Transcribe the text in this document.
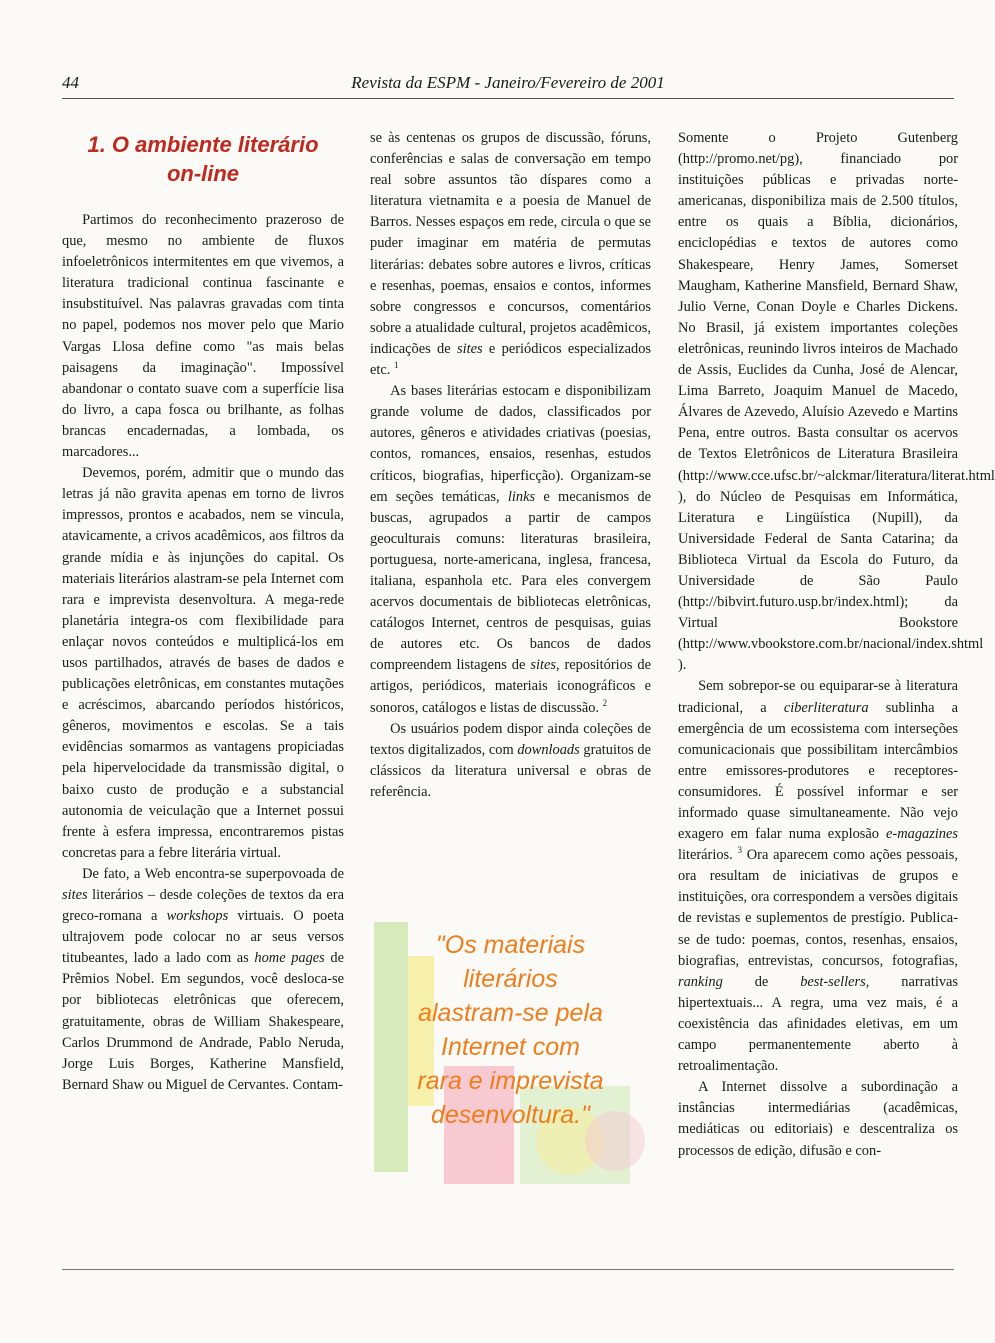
44	Revista da ESPM - Janeiro/Fevereiro de 2001
1. O ambiente literário
on-line

Partimos do reconhecimento prazeroso de que, mesmo no ambiente de fluxos infoeletrônicos intermitentes em que vivemos, a literatura tradicional continua fascinante e insubstituível. Nas palavras gravadas com tinta no papel, podemos nos mover pelo que Mario Vargas Llosa define como "as mais belas paisagens da imaginação". Impossível abandonar o contato suave com a superfície lisa do livro, a capa fosca ou brilhante, as folhas brancas encadernadas, a lombada, os marcadores...

Devemos, porém, admitir que o mundo das letras já não gravita apenas em torno de livros impressos, prontos e acabados, nem se vincula, atavicamente, a crivos acadêmicos, aos filtros da grande mídia e às injunções do capital. Os materiais literários alastram-se pela Internet com rara e imprevista desenvoltura. A mega-rede planetária integra-os com flexibilidade para enlaçar novos conteúdos e multiplicá-los em usos partilhados, através de bases de dados e publicações eletrônicas, em constantes mutações e acréscimos, abarcando períodos históricos, gêneros, movimentos e escolas. Se a tais evidências somarmos as vantagens propiciadas pela hipervelocidade da transmissão digital, o baixo custo de produção e a substancial autonomia de veiculação que a Internet possui frente à esfera impressa, encontraremos pistas concretas para a febre literária virtual.

De fato, a Web encontra-se superpovoada de sites literários – desde coleções de textos da era greco-romana a workshops virtuais. O poeta ultrajovem pode colocar no ar seus versos titubeantes, lado a lado com as home pages de Prêmios Nobel. Em segundos, você desloca-se por bibliotecas eletrônicas que oferecem, gratuitamente, obras de William Shakespeare, Carlos Drummond de Andrade, Pablo Neruda, Jorge Luis Borges, Katherine Mansfield, Bernard Shaw ou Miguel de Cervantes. Contam-

se às centenas os grupos de discussão, fóruns, conferências e salas de conversação em tempo real sobre assuntos tão díspares como a literatura vietnamita e a poesia de Manuel de Barros. Nesses espaços em rede, circula o que se puder imaginar em matéria de permutas literárias: debates sobre autores e livros, críticas e resenhas, poemas, ensaios e contos, informes sobre congressos e concursos, comentários sobre a atualidade cultural, projetos acadêmicos, indicações de sites e periódicos especializados etc. $^1$

As bases literárias estocam e disponibilizam grande volume de dados, classificados por autores, gêneros e atividades criativas (poesias, contos, romances, ensaios, resenhas, estudos críticos, biografias, hiperficção). Organizam-se em seções temáticas, links e mecanismos de buscas, agrupados a partir de campos geoculturais comuns: literaturas brasileira, portuguesa, norte-americana, inglesa, francesa, italiana, espanhola etc. Para eles convergem acervos documentais de bibliotecas eletrônicas, catálogos Internet, centros de pesquisas, guias de autores etc. Os bancos de dados compreendem listagens de sites, repositórios de artigos, periódicos, materiais iconográficos e sonoros, catálogos e listas de discussão. $^2$

Os usuários podem dispor ainda coleções de textos digitalizados, com downloads gratuitos de clássicos da literatura universal e obras de referência.

"Os materiais
literários
alastram-se pela
Internet com
rara e imprevista
desenvoltura."

Somente o Projeto Gutenberg (http://promo.net/pg), financiado por instituições públicas e privadas norte-americanas, disponibiliza mais de 2.500 títulos, entre os quais a Bíblia, dicionários, enciclopédias e textos de autores como Shakespeare, Henry James, Somerset Maugham, Katherine Mansfield, Bernard Shaw, Julio Verne, Conan Doyle e Charles Dickens. No Brasil, já existem importantes coleções eletrônicas, reunindo livros inteiros de Machado de Assis, Euclides da Cunha, José de Alencar, Lima Barreto, Joaquim Manuel de Macedo, Álvares de Azevedo, Aluísio Azevedo e Martins Pena, entre outros. Basta consultar os acervos de Textos Eletrônicos de Literatura Brasileira (http://www.cce.ufsc.br/~alckmar/literatura/literat.html ), do Núcleo de Pesquisas em Informática, Literatura e Lingüística (Nupill), da Universidade Federal de Santa Catarina; da Biblioteca Virtual da Escola do Futuro, da Universidade de São Paulo (http://bibvirt.futuro.usp.br/index.html); da Virtual Bookstore (http://www.vbookstore.com.br/nacional/index.shtml ).

Sem sobrepor-se ou equiparar-se à literatura tradicional, a ciberliteratura sublinha a emergência de um ecossistema com interseções comunicacionais que possibilitam intercâmbios entre emissores-produtores e receptores-consumidores. É possível informar e ser informado quase simultaneamente. Não vejo exagero em falar numa explosão e-magazines literários. $^3$ Ora aparecem como ações pessoais, ora resultam de iniciativas de grupos e instituições, ora correspondem a versões digitais de revistas e suplementos de prestígio. Publica-se de tudo: poemas, contos, resenhas, ensaios, biografias, entrevistas, concursos, fotografias, ranking de best-sellers, narrativas hipertextuais... A regra, uma vez mais, é a coexistência das afinidades eletivas, em um campo permanentemente aberto à retroalimentação.

A Internet dissolve a subordinação a instâncias intermediárias (acadêmicas, mediáticas ou editoriais) e descentraliza os processos de edição, difusão e con-
